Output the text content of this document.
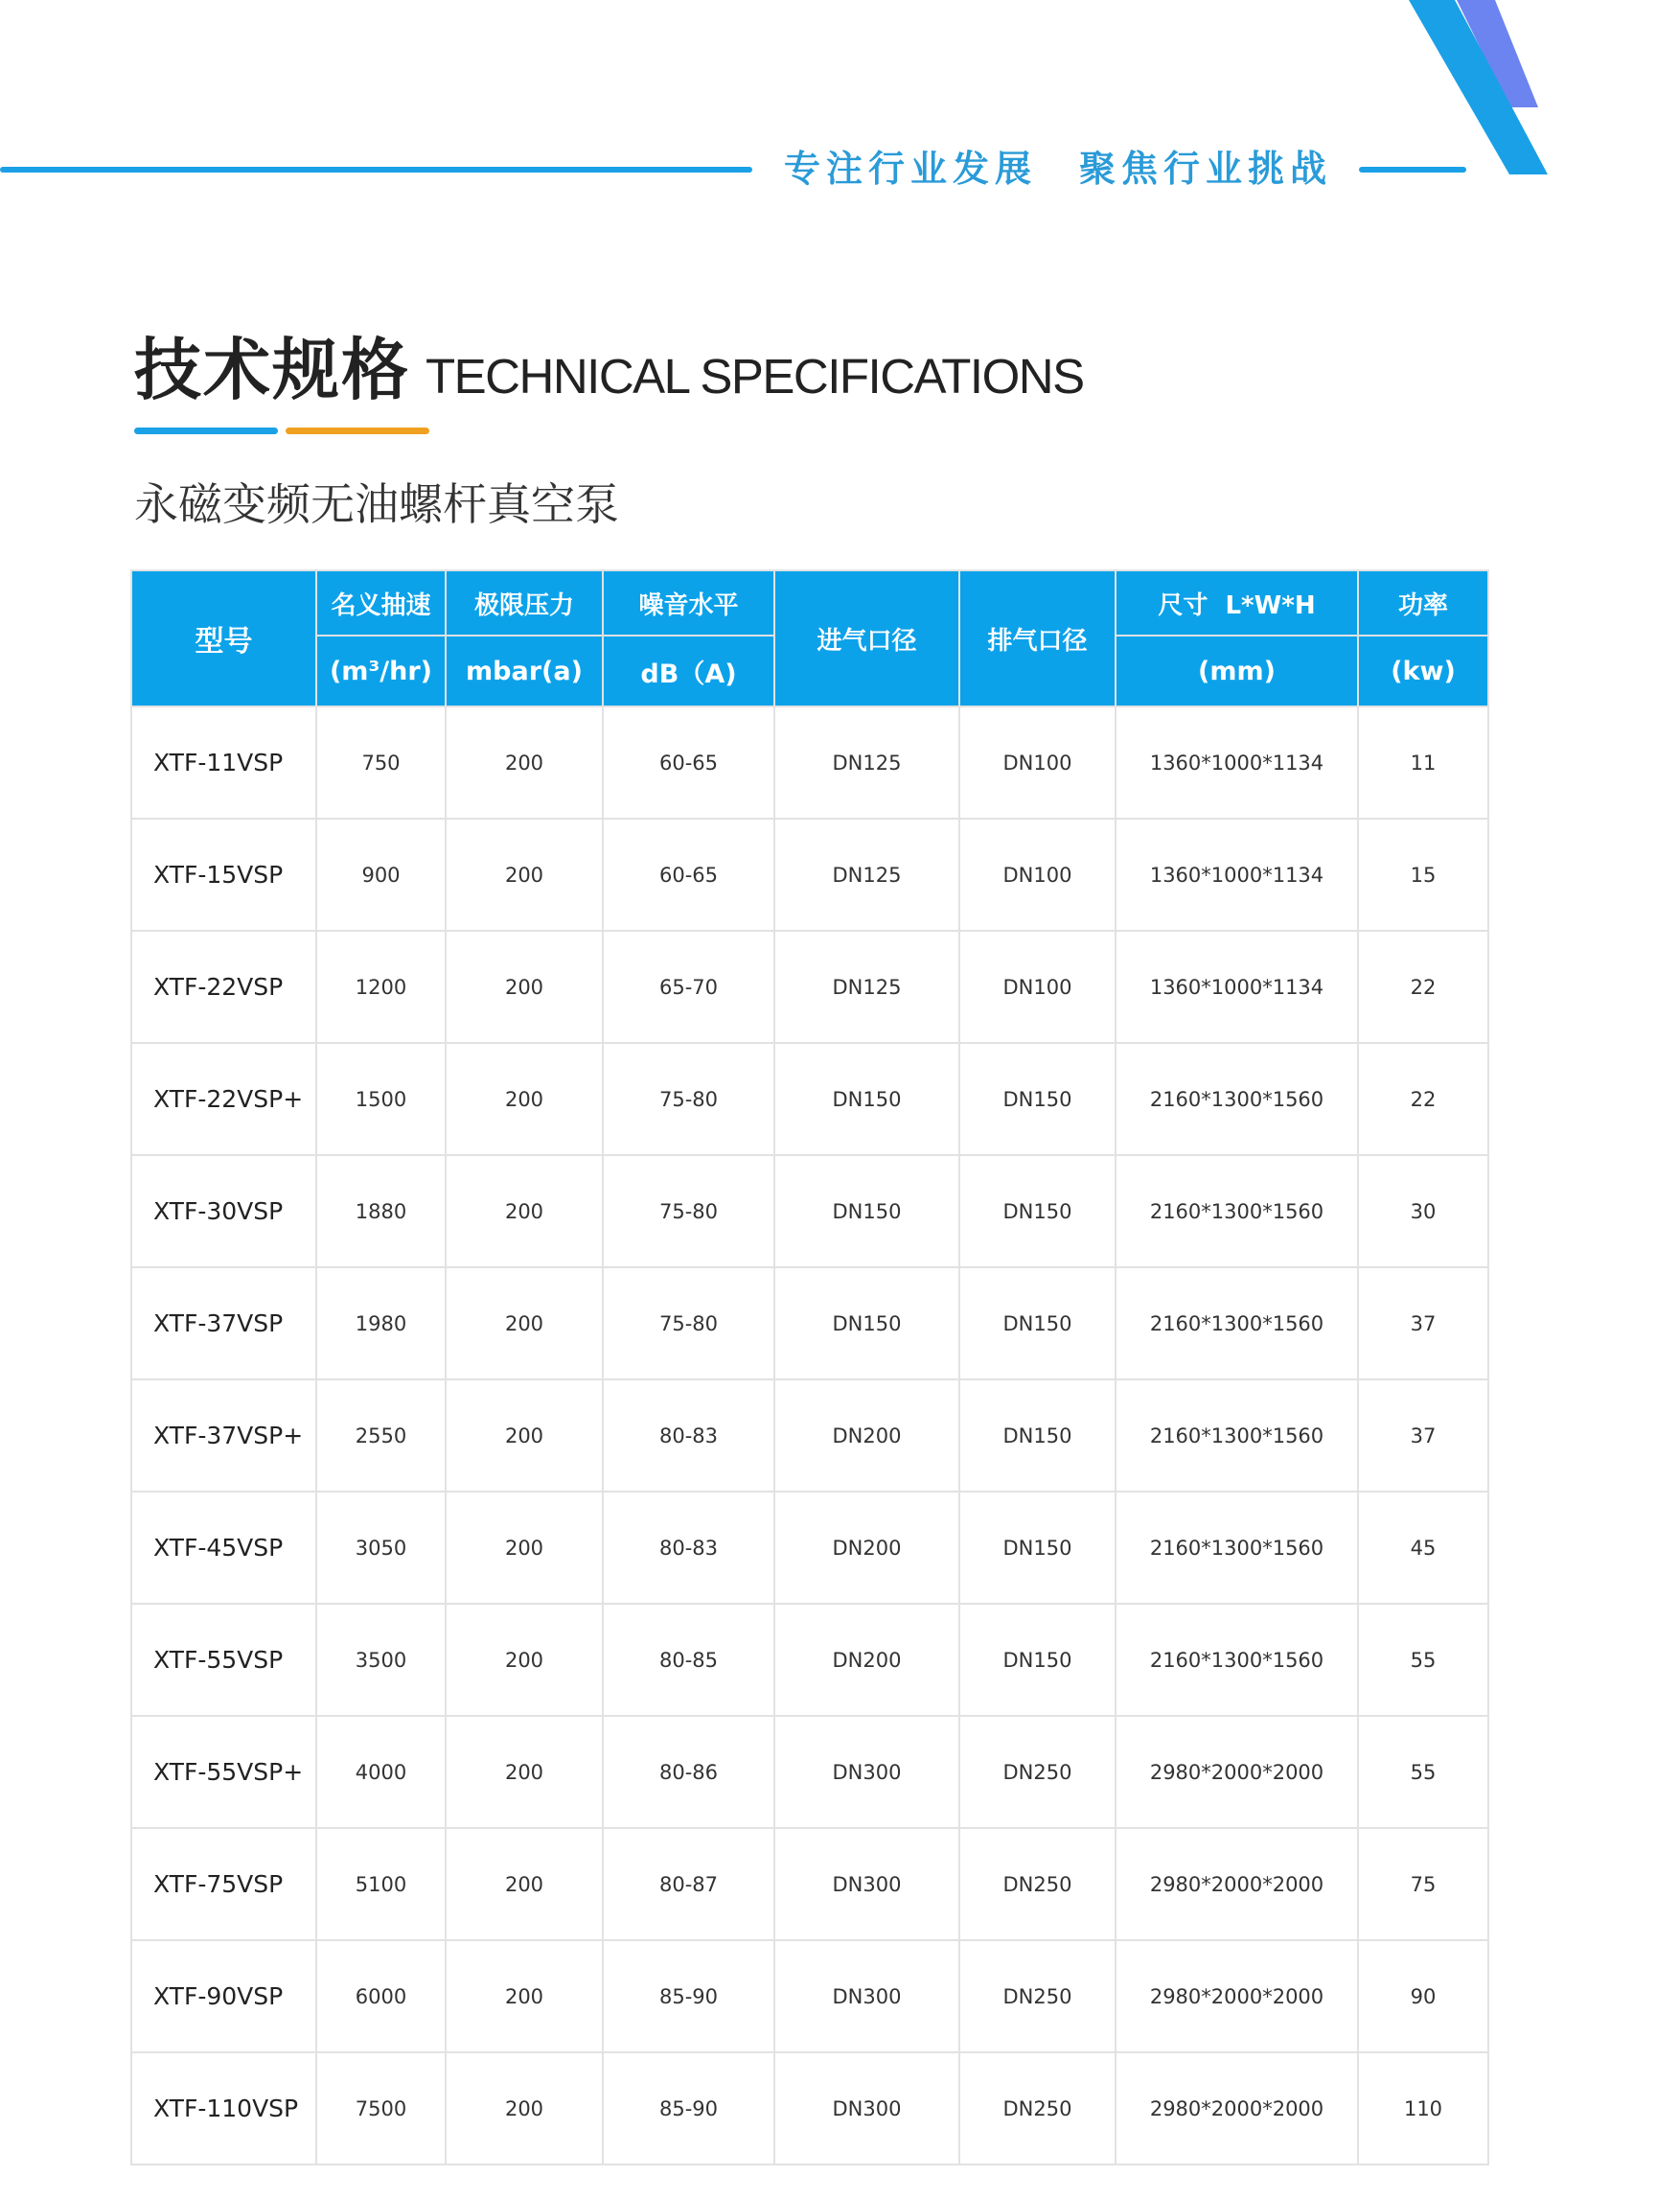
专注行业发展 聚焦行业挑战
技术规格 TECHNICAL SPECIFICATIONS
永磁变频无油螺杆真空泵
型号	名义抽速	极限压力	噪音水平	进气口径	排气口径	尺寸  L*W*H	功率
	(m³/hr)	mbar(a)	dB（A)			(mm)	(kw)
XTF-11VSP	750	200	60-65	DN125	DN100	1360*1000*1134	11
XTF-15VSP	900	200	60-65	DN125	DN100	1360*1000*1134	15
XTF-22VSP	1200	200	65-70	DN125	DN100	1360*1000*1134	22
XTF-22VSP+	1500	200	75-80	DN150	DN150	2160*1300*1560	22
XTF-30VSP	1880	200	75-80	DN150	DN150	2160*1300*1560	30
XTF-37VSP	1980	200	75-80	DN150	DN150	2160*1300*1560	37
XTF-37VSP+	2550	200	80-83	DN200	DN150	2160*1300*1560	37
XTF-45VSP	3050	200	80-83	DN200	DN150	2160*1300*1560	45
XTF-55VSP	3500	200	80-85	DN200	DN150	2160*1300*1560	55
XTF-55VSP+	4000	200	80-86	DN300	DN250	2980*2000*2000	55
XTF-75VSP	5100	200	80-87	DN300	DN250	2980*2000*2000	75
XTF-90VSP	6000	200	85-90	DN300	DN250	2980*2000*2000	90
XTF-110VSP	7500	200	85-90	DN300	DN250	2980*2000*2000	110
